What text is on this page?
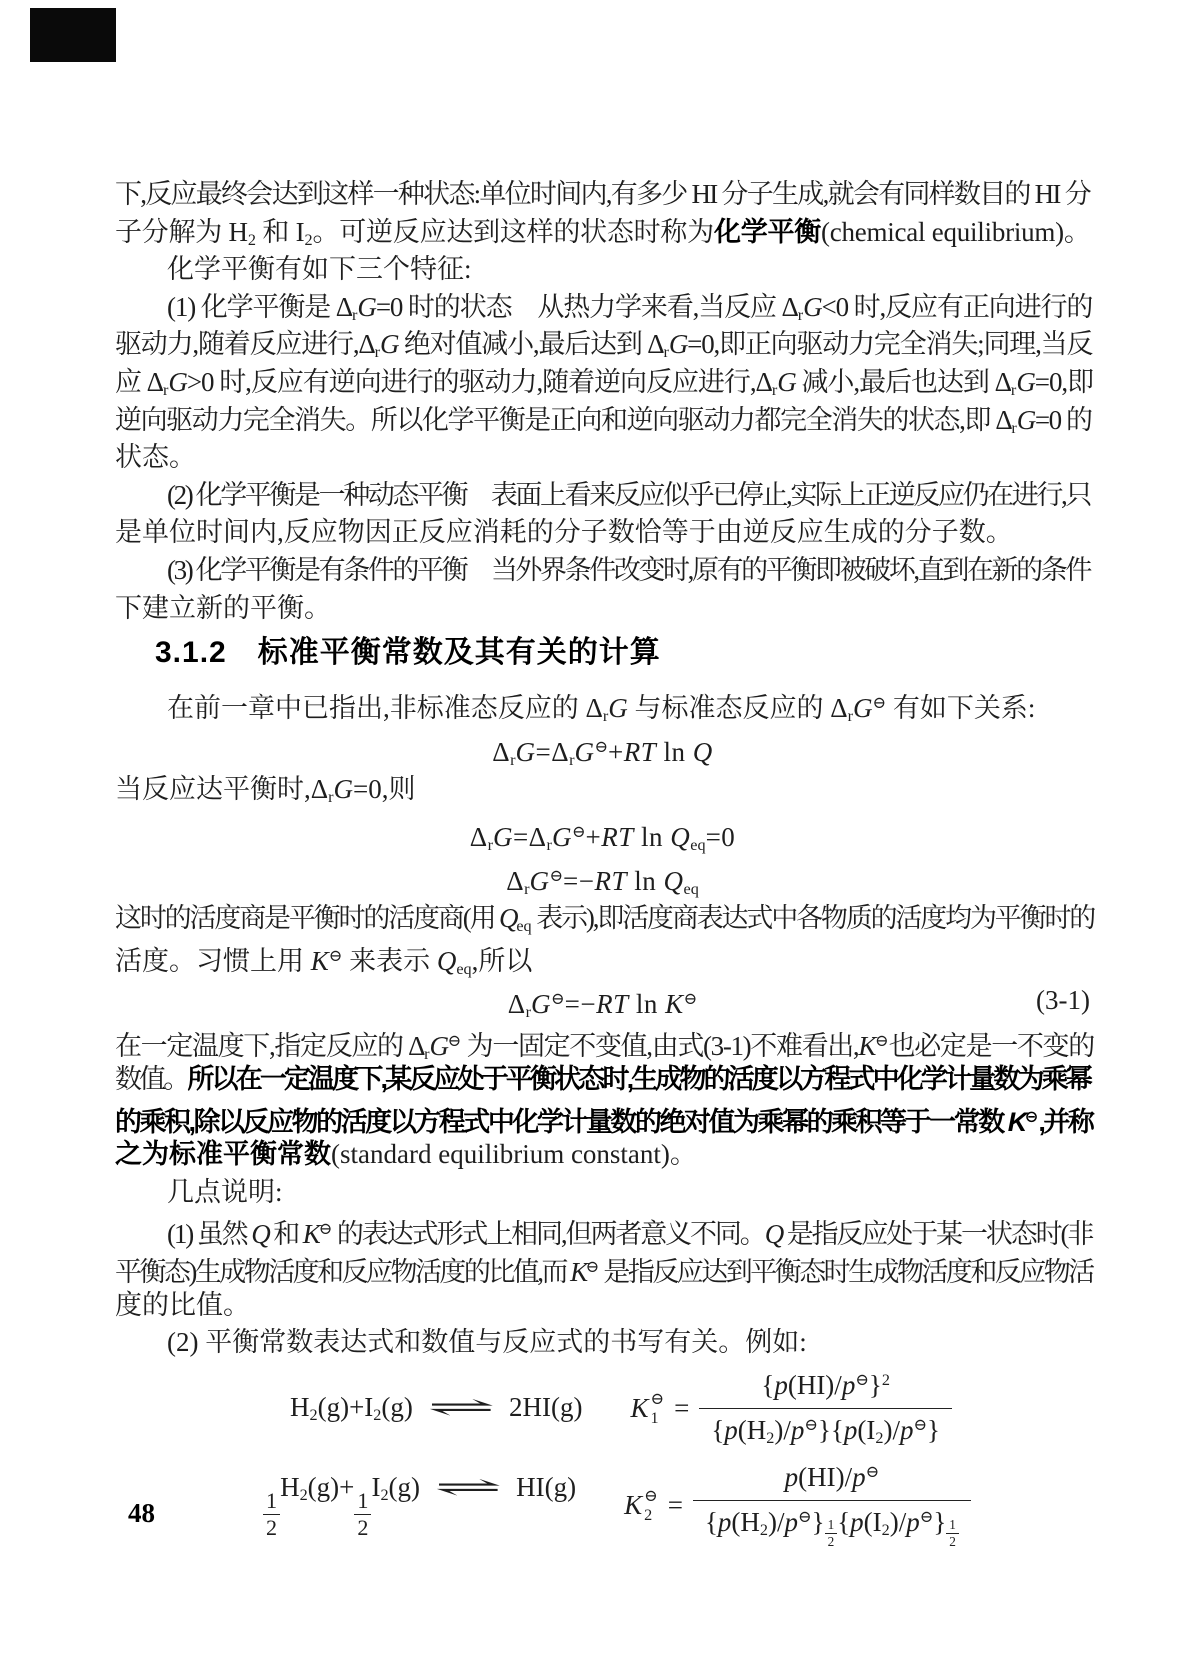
下,反应最终会达到这样一种状态:单位时间内,有多少 HI 分子生成,就会有同样数目的 HI 分
子分解为 $H_2$ 和 $I_2$。可逆反应达到这样的状态时称为化学平衡(chemical equilibrium)。
化学平衡有如下三个特征:
(1) 化学平衡是 $\Delta_rG=0$ 时的状态　从热力学来看,当反应 $\Delta_rG<0$ 时,反应有正向进行的
驱动力,随着反应进行$,\Delta_rG$ 绝对值减小,最后达到 $\Delta_rG=0$,即正向驱动力完全消失;同理,当反
应 $\Delta_rG>0$ 时,反应有逆向进行的驱动力,随着逆向反应进行$,\Delta_rG$ 减小,最后也达到 $\Delta_rG=0$,即
逆向驱动力完全消失。所以化学平衡是正向和逆向驱动力都完全消失的状态,即 $\Delta_rG=0$ 的
状态。
(2) 化学平衡是一种动态平衡　表面上看来反应似乎已停止,实际上正逆反应仍在进行,只
是单位时间内,反应物因正反应消耗的分子数恰等于由逆反应生成的分子数。
(3) 化学平衡是有条件的平衡　当外界条件改变时,原有的平衡即被破坏,直到在新的条件
下建立新的平衡。
3.1.2　标准平衡常数及其有关的计算
在前一章中已指出,非标准态反应的 $\Delta_rG$ 与标准态反应的 $\Delta_rG^⊖$ 有如下关系:
$\Delta_rG=\Delta_rG^⊖+RT$ ln Q
当反应达平衡时$,\Delta_rG=0$,则
$\Delta_rG=\Delta_rG^⊖+RT$ $\ln Q_{eq}=0$
$\Delta_rG^⊖=-RT$ $\ln Q_{eq}$
这时的活度商是平衡时的活度商(用 $Q_{eq}$ 表示),即活度商表达式中各物质的活度均为平衡时的
活度。习惯上用 K⊖ 来表示 $Q_{eq}$,所以
$\Delta_rG^⊖=-RT$ ln K⊖	(3-1)
在一定温度下,指定反应的 $\Delta_rG^⊖$ 为一固定不变值,由式(3-1)不难看出,K⊖也必定是一不变的
数值。所以在一定温度下,某反应处于平衡状态时,生成物的活度以方程式中化学计量数为乘幂
的乘积,除以反应物的活度以方程式中化学计量数的绝对值为乘幂的乘积等于一常数 K⊖,并称
之为标准平衡常数(standard equilibrium constant)。
几点说明:
(1) 虽然 Q 和 K⊖ 的表达式形式上相同,但两者意义不同。Q 是指反应处于某一状态时(非
平衡态)生成物活度和反应物活度的比值,而 K⊖ 是指反应达到平衡态时生成物活度和反应物活
度的比值。
(2) 平衡常数表达式和数值与反应式的书写有关。例如:
$H_2(g)+I_2(g)$ ⇌ 2HI(g) K ⊖
$1 = \frac{\{p(HI)/p^⊖\}^2}{\{p(H_2)/p^⊖\}\{p(I_2)/p^⊖\}}$
$\frac{1}{2}$
$H_2(g)+$
$\frac{1}{2}$
$I_2(g)$ ⇌ HI(g)
K ⊖
2 = p(HI)/p⊖
$\{p(H_2)/p^⊖\}$ $^{\frac{1}{2}}$ $\{p(I_2)/p^⊖\}$ $^{\frac{1}{2}}$
48
